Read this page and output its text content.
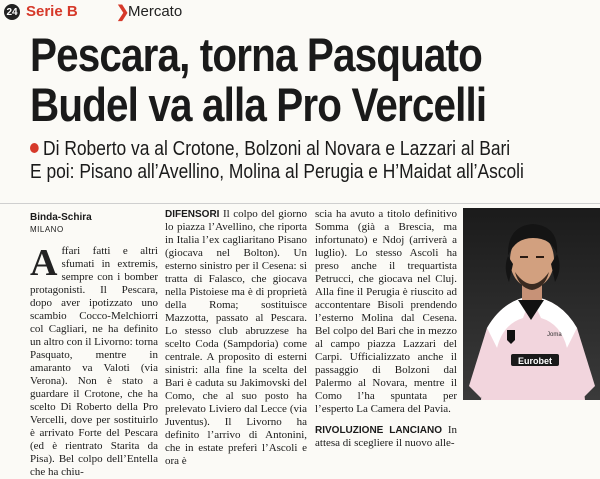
24 Serie B ❯
Mercato
Pescara, torna Pasquato
Budel va alla Pro Vercelli
Di Roberto va al Crotone, Bolzoni al Novara e Lazzari al Bari
E poi: Pisano all’Avellino, Molina al Perugia e H’Maidat all’Ascoli
Binda-Schira
MILANO
Affari fatti e altri sfumati in extremis, sempre con i bomber protagonisti. Il Pescara, dopo aver ipotizzato uno scambio Cocco-Melchiorri col Cagliari, ne ha definito un altro con il Livorno: torna Pasquato, mentre in amaranto va Valoti (via Verona). Non è stato a guardare il Crotone, che ha scelto Di Roberto della Pro Vercelli, dove per sostituirlo è arrivato Forte del Pescara (ed è rientrato Starita da Pisa). Bel colpo dell’Entella che ha chiu-
DIFENSORI Il colpo del giorno lo piazza l’Avellino, che riporta in Italia l’ex cagliaritano Pisano (giocava nel Bolton). Un esterno sinistro per il Cesena: si tratta di Falasco, che giocava nella Pistoiese ma è di proprietà della Roma; sostituisce Mazzotta, passato al Pescara. Lo stesso club abruzzese ha scelto Coda (Sampdoria) come centrale. A proposito di esterni sinistri: alla fine la scelta del Bari è caduta su Jakimovski del Como, che al suo posto ha prelevato Liviero dal Lecce (via Juventus). Il Livorno ha definito l’arrivo di Antonini, che in estate preferì l’Ascoli e ora è
scia ha avuto a titolo definitivo Somma (già a Brescia, ma infortunato) e Ndoj (arriverà a luglio). Lo stesso Ascoli ha preso anche il trequartista Petrucci, che giocava nel Cluj. Alla fine il Perugia è riuscito ad accontentare Bisoli prendendo l’esterno Molina dal Cesena. Bel colpo del Bari che in mezzo al campo piazza Lazzari del Carpi. Ufficializzato anche il passaggio di Bolzoni dal Palermo al Novara, mentre il Como l’ha spuntata per l’esperto La Camera del Pavia.
RIVOLUZIONE LANCIANO In attesa di scegliere il nuovo alle-
Eurobet
Joma
